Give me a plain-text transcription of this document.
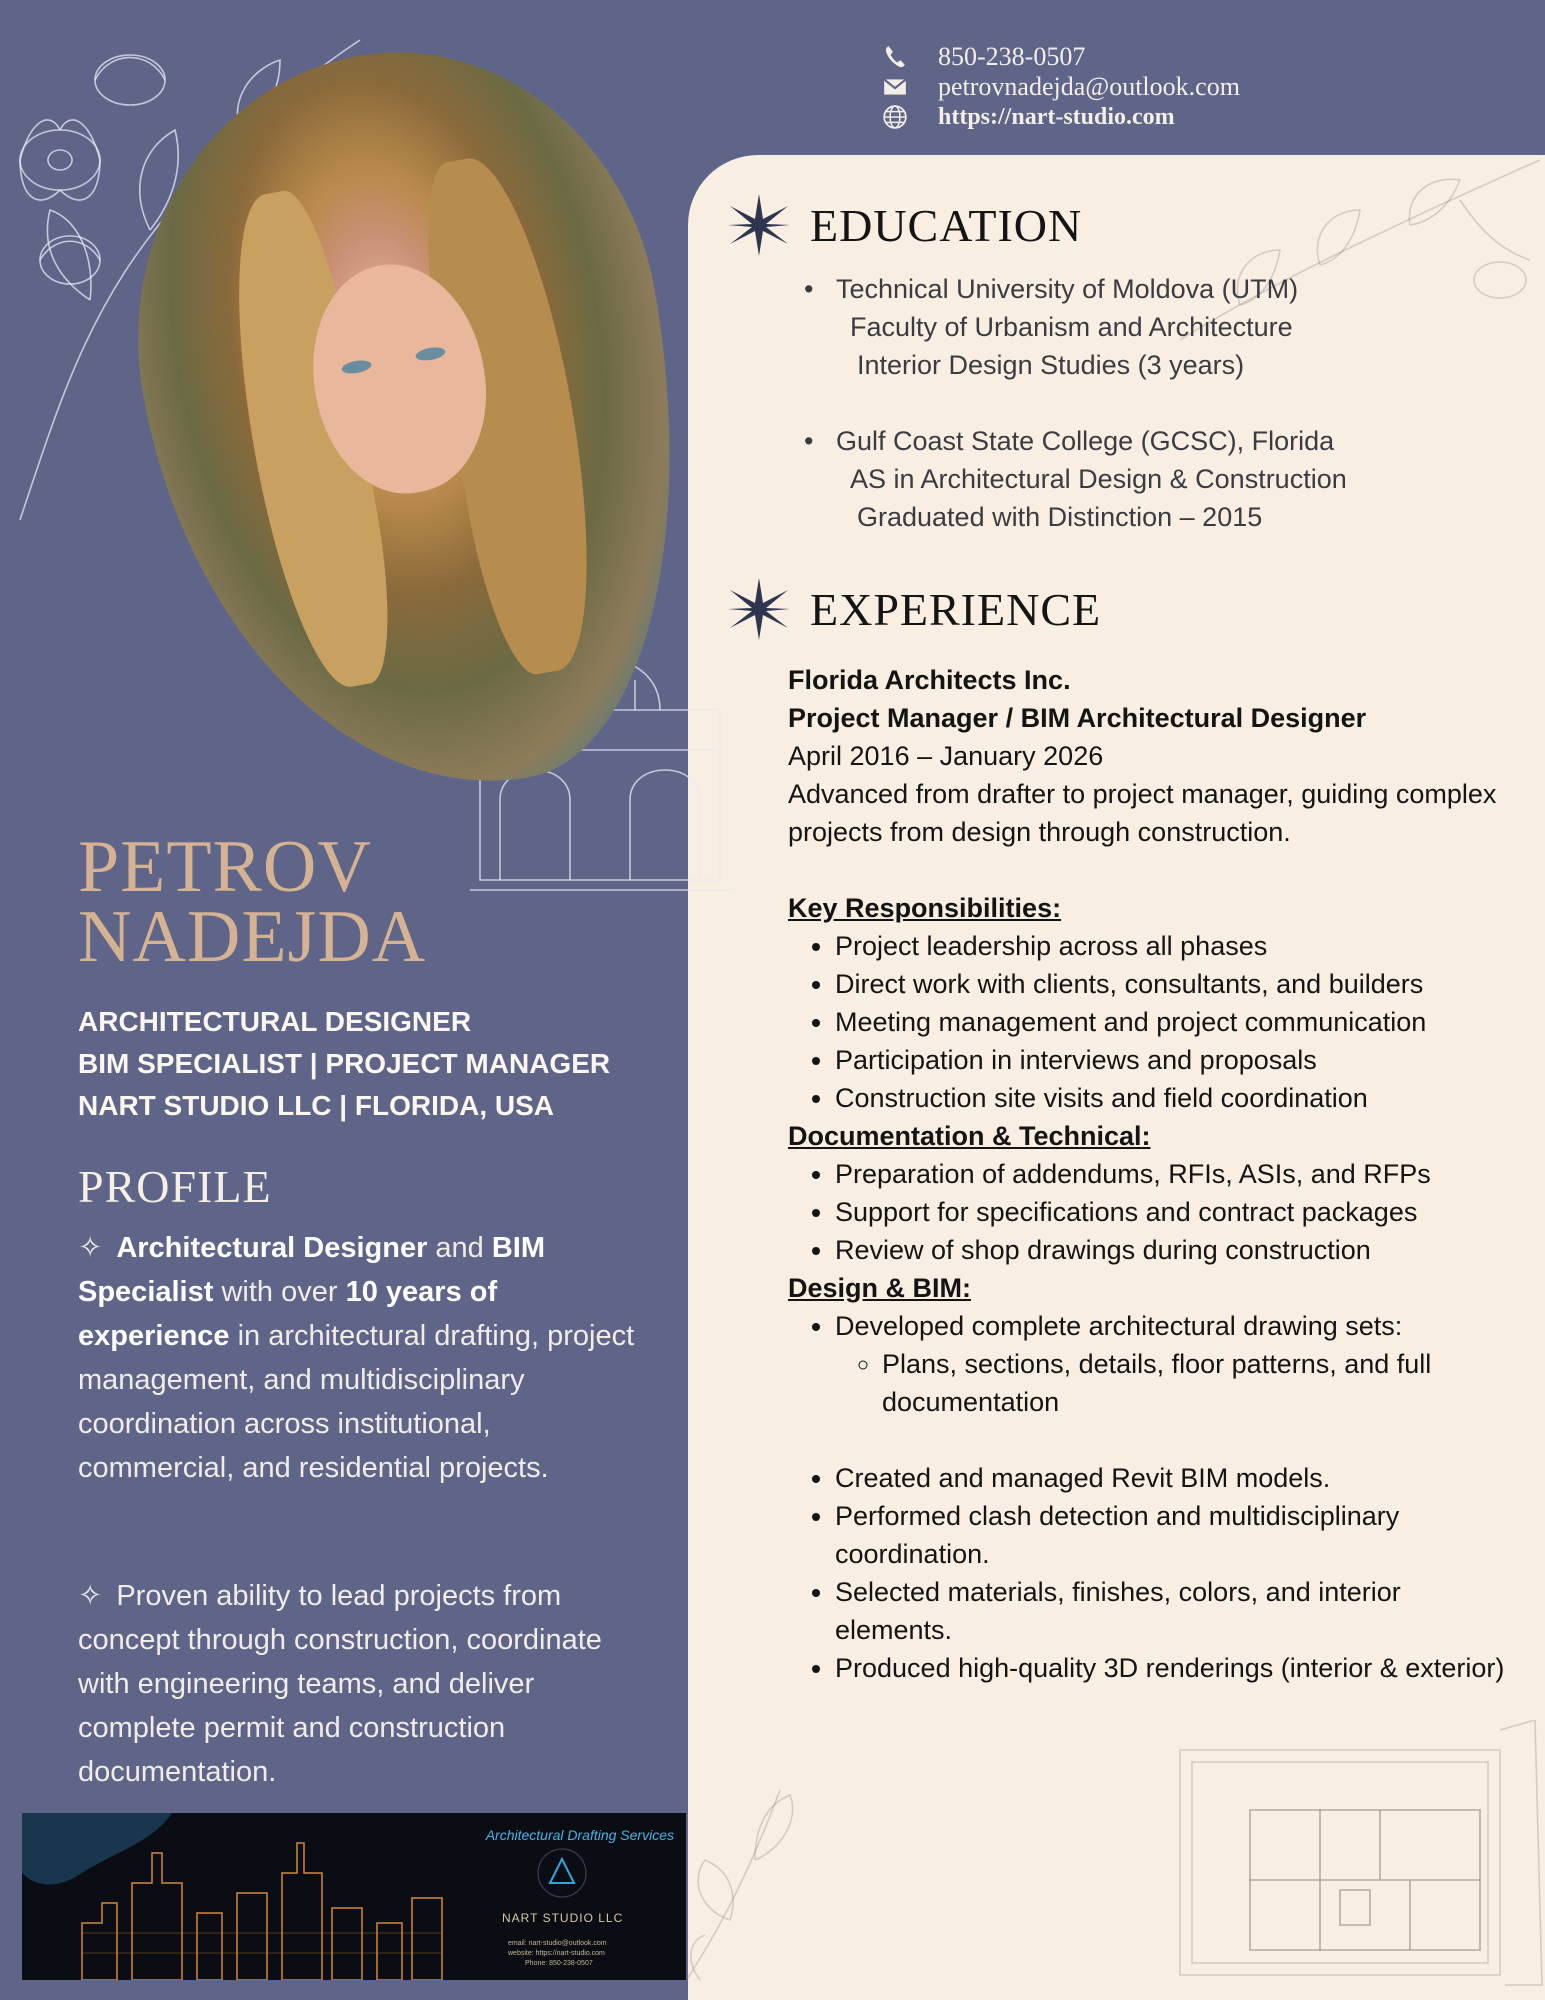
850-238-0507
petrovnadejda@outlook.com
https://nart-studio.com
PETROV
NADEJDA
ARCHITECTURAL DESIGNER
BIM SPECIALIST | PROJECT MANAGER
NART STUDIO LLC | FLORIDA, USA
PROFILE
✧ Architectural Designer and BIM Specialist with over 10 years of experience in architectural drafting, project management, and multidisciplinary coordination across institutional, commercial, and residential projects.
✧ Proven ability to lead projects from concept through construction, coordinate with engineering teams, and deliver complete permit and construction documentation.
Architectural Drafting Services
NART STUDIO LLC
email: nart-studio@outlook.com
website: https://nart-studio.com
Phone: 850-238-0507
EDUCATION
• Technical University of Moldova (UTM)
Faculty of Urbanism and Architecture
Interior Design Studies (3 years)
• Gulf Coast State College (GCSC), Florida
AS in Architectural Design & Construction
Graduated with Distinction – 2015
EXPERIENCE
Florida Architects Inc.
Project Manager / BIM Architectural Designer
April 2016 – January 2026
Advanced from drafter to project manager, guiding complex projects from design through construction.
Key Responsibilities:
• Project leadership across all phases
• Direct work with clients, consultants, and builders
• Meeting management and project communication
• Participation in interviews and proposals
• Construction site visits and field coordination
Documentation & Technical:
• Preparation of addendums, RFIs, ASIs, and RFPs
• Support for specifications and contract packages
• Review of shop drawings during construction
Design & BIM:
• Developed complete architectural drawing sets:
◦ Plans, sections, details, floor patterns, and full documentation
• Created and managed Revit BIM models.
• Performed clash detection and multidisciplinary coordination.
• Selected materials, finishes, colors, and interior elements.
• Produced high-quality 3D renderings (interior & exterior)
